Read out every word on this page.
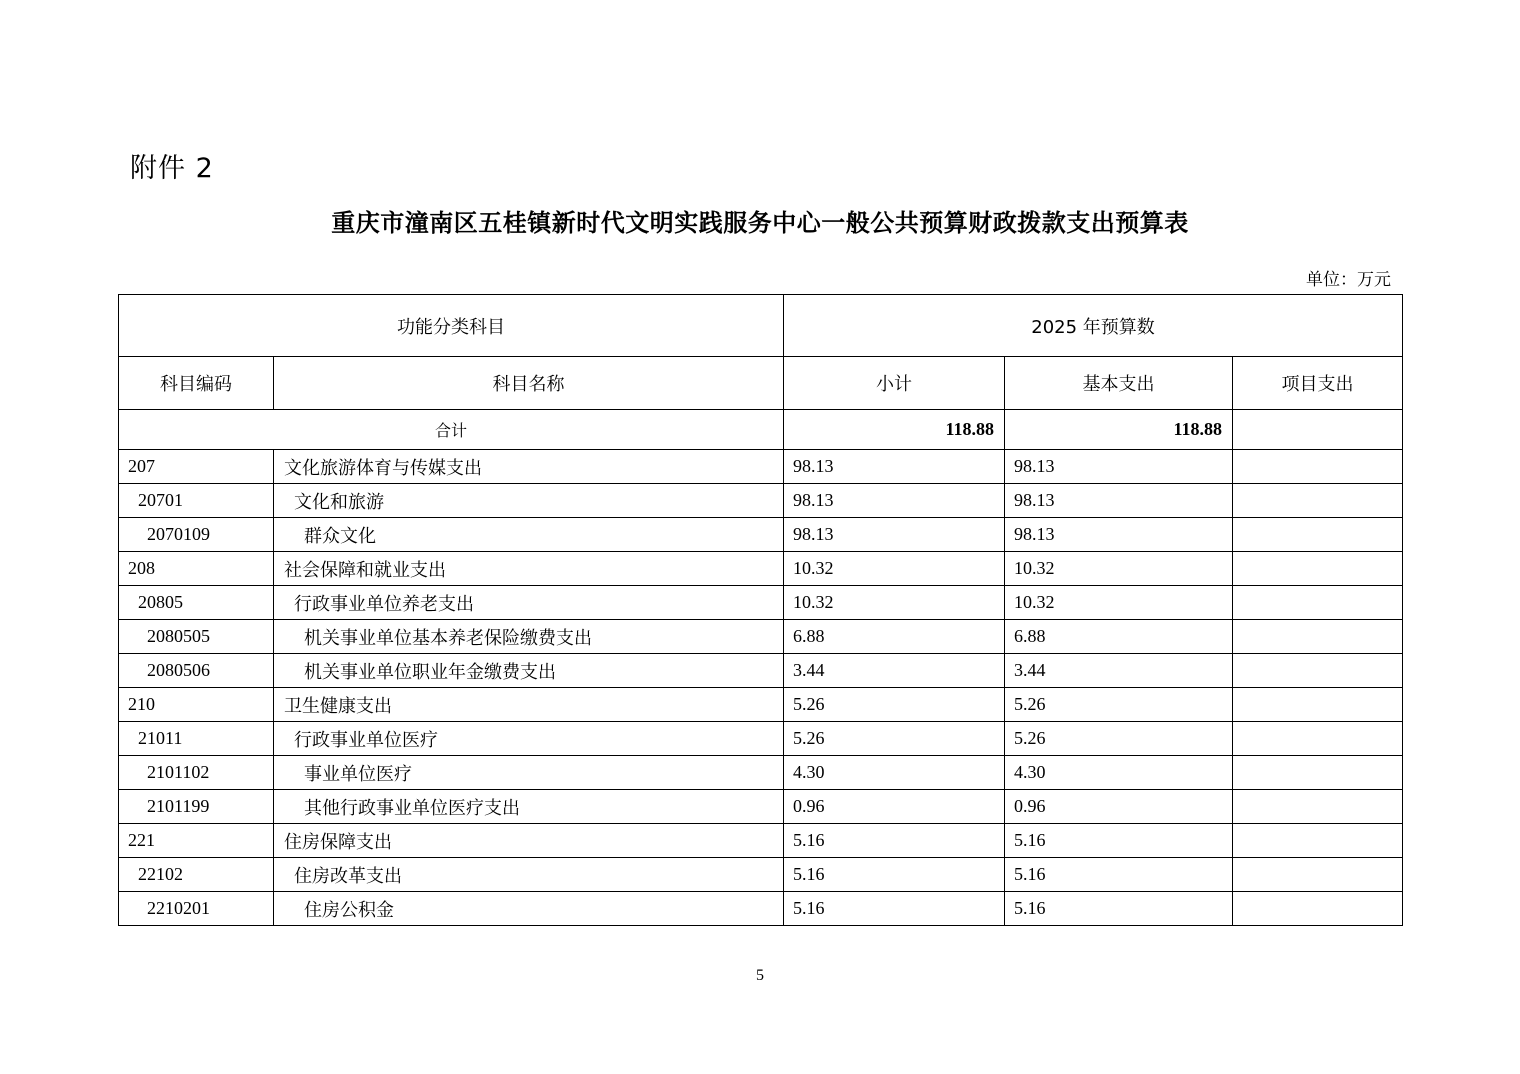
附件 2
重庆市潼南区五桂镇新时代文明实践服务中心一般公共预算财政拨款支出预算表
单位：万元
功能分类科目		2025 年预算数		
科目编码	科目名称	小计	基本支出	项目支出
合计		118.88	118.88	
207	文化旅游体育与传媒支出	98.13	98.13	
20701	文化和旅游	98.13	98.13	
2070109	群众文化	98.13	98.13	
208	社会保障和就业支出	10.32	10.32	
20805	行政事业单位养老支出	10.32	10.32	
2080505	机关事业单位基本养老保险缴费支出	6.88	6.88	
2080506	机关事业单位职业年金缴费支出	3.44	3.44	
210	卫生健康支出	5.26	5.26	
21011	行政事业单位医疗	5.26	5.26	
2101102	事业单位医疗	4.30	4.30	
2101199	其他行政事业单位医疗支出	0.96	0.96	
221	住房保障支出	5.16	5.16	
22102	住房改革支出	5.16	5.16	
2210201	住房公积金	5.16	5.16	
5
